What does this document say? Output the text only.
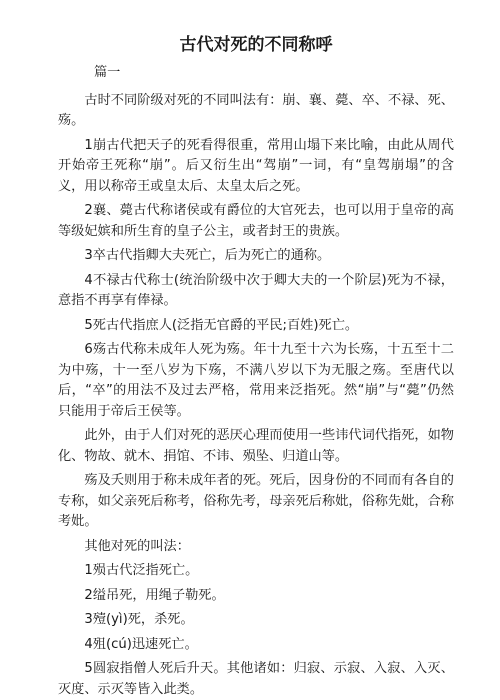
古代对死的不同称呼
篇一

古时不同阶级对死的不同叫法有：崩、襄、薨、卒、不禄、死、殇。

1崩古代把天子的死看得很重，常用山塌下来比喻，由此从周代开始帝王死称“崩”。后又衍生出“驾崩”一词，有“皇驾崩塌”的含义，用以称帝王或皇太后、太皇太后之死。

2襄、薨古代称诸侯或有爵位的大官死去，也可以用于皇帝的高等级妃嫔和所生育的皇子公主，或者封王的贵族。

3卒古代指卿大夫死亡，后为死亡的通称。

4不禄古代称士(统治阶级中次于卿大夫的一个阶层)死为不禄，意指不再享有俸禄。

5死古代指庶人(泛指无官爵的平民;百姓)死亡。

6殇古代称未成年人死为殇。年十九至十六为长殇，十五至十二为中殇，十一至八岁为下殇，不满八岁以下为无服之殇。至唐代以后，“卒”的用法不及过去严格，常用来泛指死。然“崩”与“薨”仍然只能用于帝后王侯等。

此外，由于人们对死的恶厌心理而使用一些讳代词代指死，如物化、物故、就木、捐馆、不讳、殒坠、归道山等。

殇及夭则用于称未成年者的死。死后，因身份的不同而有各自的专称，如父亲死后称考，俗称先考，母亲死后称妣，俗称先妣，合称考妣。

其他对死的叫法：

1殒古代泛指死亡。

2缢吊死，用绳子勒死。

3殪(yì)死，杀死。

4殂(cú)迅速死亡。

5圆寂指僧人死后升天。其他诸如：归寂、示寂、入寂、入灭、灭度、示灭等皆入此类。
